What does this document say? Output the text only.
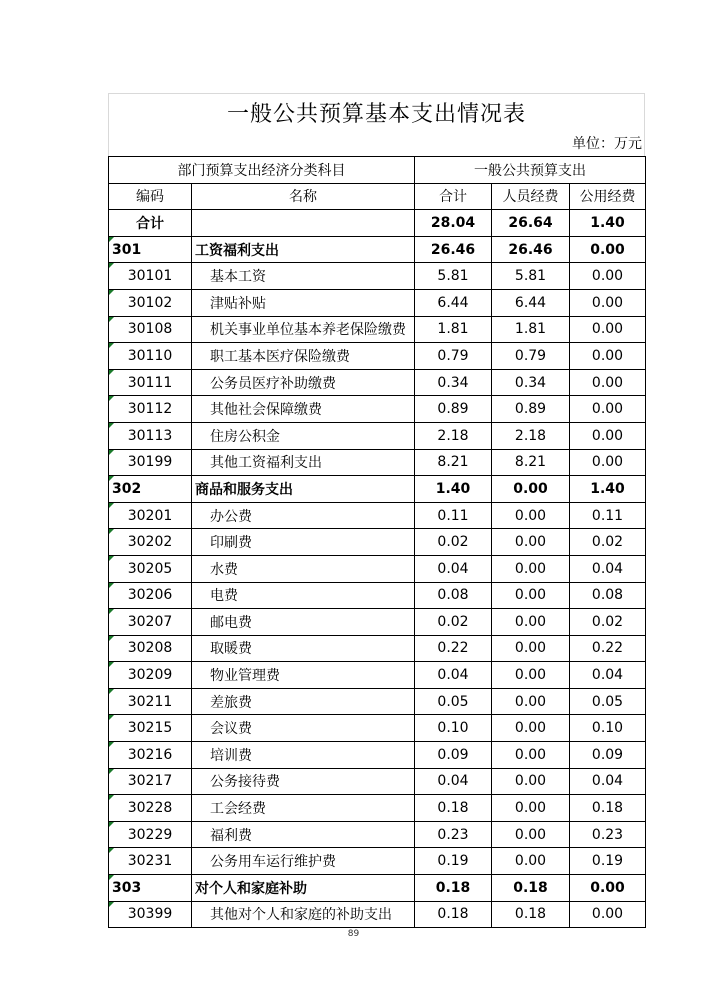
一般公共预算基本支出情况表
单位：万元
部门预算支出经济分类科目		一般公共预算支出		
编码	名称	合计	人员经费	公用经费
合计		28.04	26.64	1.40
301	工资福利支出	26.46	26.46	0.00
30101	基本工资	5.81	5.81	0.00
30102	津贴补贴	6.44	6.44	0.00
30108	机关事业单位基本养老保险缴费	1.81	1.81	0.00
30110	职工基本医疗保险缴费	0.79	0.79	0.00
30111	公务员医疗补助缴费	0.34	0.34	0.00
30112	其他社会保障缴费	0.89	0.89	0.00
30113	住房公积金	2.18	2.18	0.00
30199	其他工资福利支出	8.21	8.21	0.00
302	商品和服务支出	1.40	0.00	1.40
30201	办公费	0.11	0.00	0.11
30202	印刷费	0.02	0.00	0.02
30205	水费	0.04	0.00	0.04
30206	电费	0.08	0.00	0.08
30207	邮电费	0.02	0.00	0.02
30208	取暖费	0.22	0.00	0.22
30209	物业管理费	0.04	0.00	0.04
30211	差旅费	0.05	0.00	0.05
30215	会议费	0.10	0.00	0.10
30216	培训费	0.09	0.00	0.09
30217	公务接待费	0.04	0.00	0.04
30228	工会经费	0.18	0.00	0.18
30229	福利费	0.23	0.00	0.23
30231	公务用车运行维护费	0.19	0.00	0.19
303	对个人和家庭补助	0.18	0.18	0.00
30399	其他对个人和家庭的补助支出	0.18	0.18	0.00
89
